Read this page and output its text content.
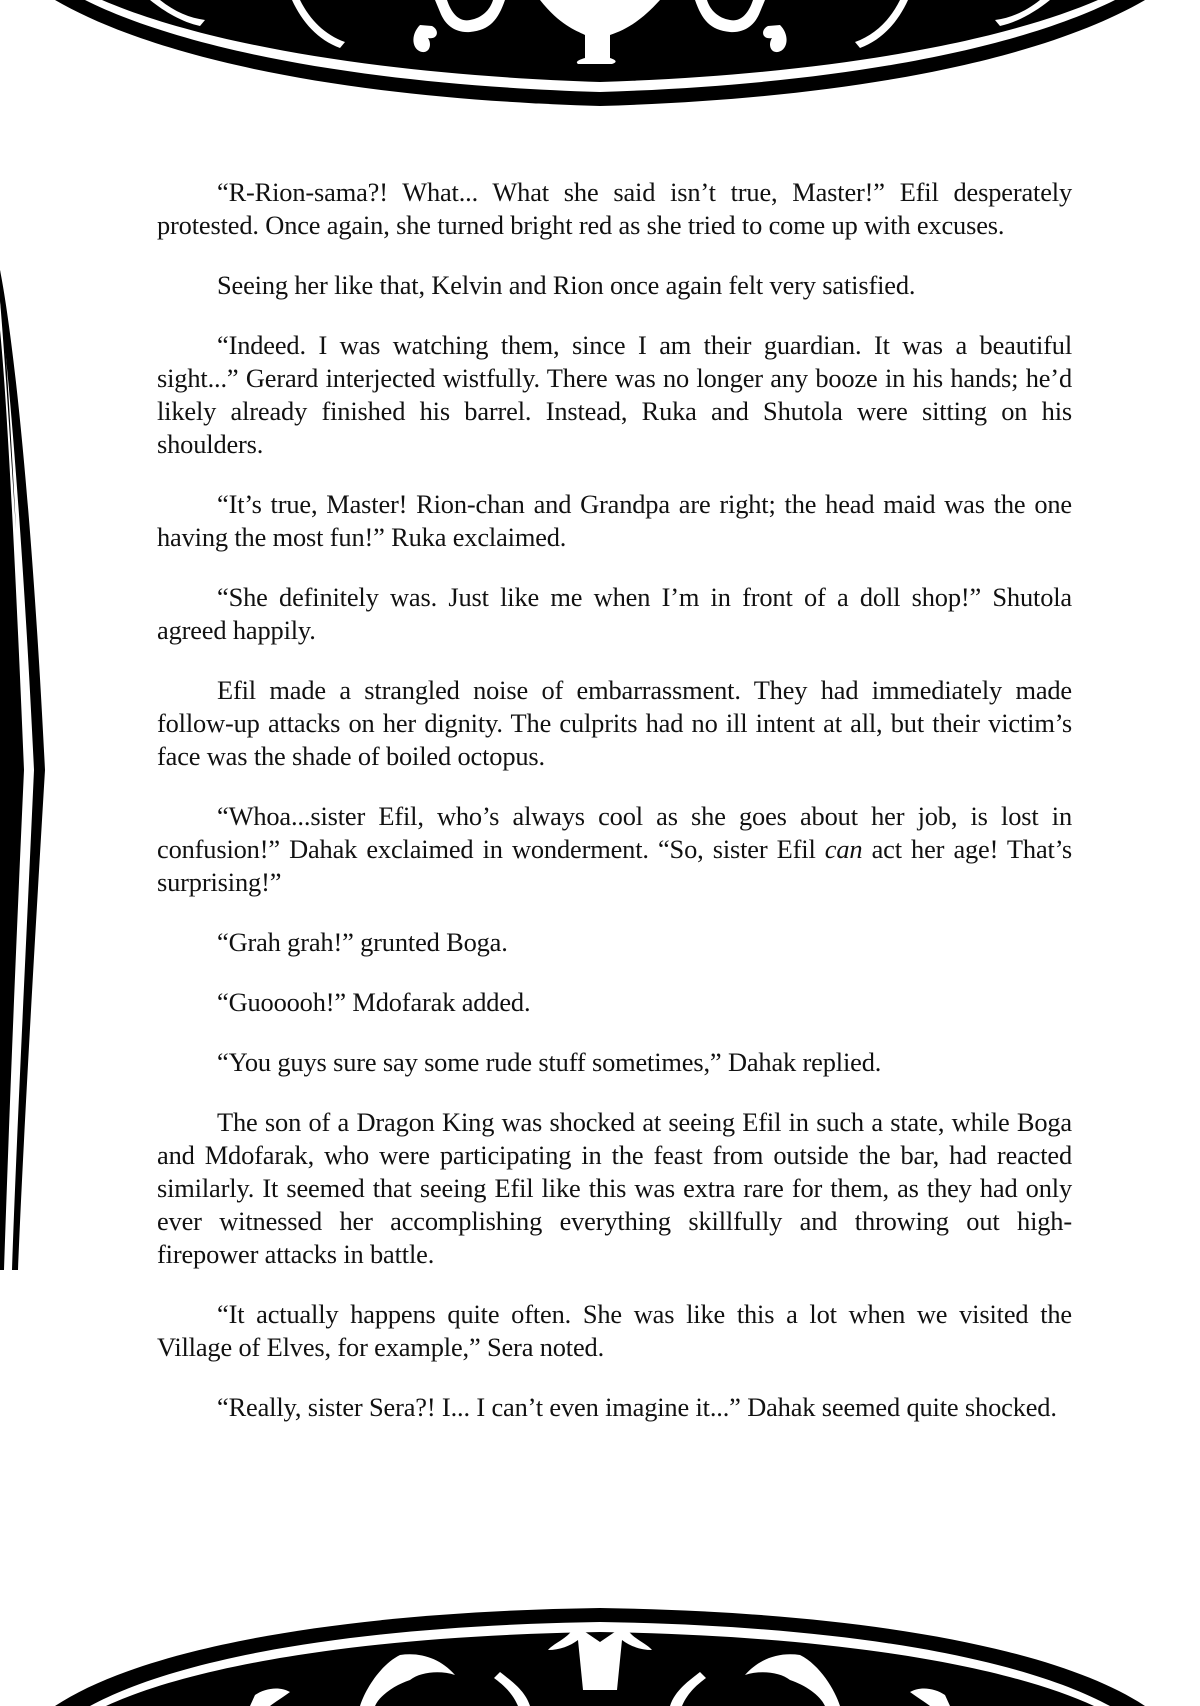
“R-Rion-sama?! What... What she said isn’t true, Master!” Efil desperately protested. Once again, she turned bright red as she tried to come up with excuses.

Seeing her like that, Kelvin and Rion once again felt very satisfied.

“Indeed. I was watching them, since I am their guardian. It was a beautiful sight...” Gerard interjected wistfully. There was no longer any booze in his hands; he’d likely already finished his barrel. Instead, Ruka and Shutola were sitting on his shoulders.

“It’s true, Master! Rion-chan and Grandpa are right; the head maid was the one having the most fun!” Ruka exclaimed.

“She definitely was. Just like me when I’m in front of a doll shop!” Shutola agreed happily.

Efil made a strangled noise of embarrassment. They had immediately made follow-up attacks on her dignity. The culprits had no ill intent at all, but their victim’s face was the shade of boiled octopus.

“Whoa...sister Efil, who’s always cool as she goes about her job, is lost in confusion!” Dahak exclaimed in wonderment. “So, sister Efil can act her age! That’s surprising!”

“Grah grah!” grunted Boga.

“Guooooh!” Mdofarak added.

“You guys sure say some rude stuff sometimes,” Dahak replied.

The son of a Dragon King was shocked at seeing Efil in such a state, while Boga and Mdofarak, who were participating in the feast from outside the bar, had reacted similarly. It seemed that seeing Efil like this was extra rare for them, as they had only ever witnessed her accomplishing everything skillfully and throwing out high-firepower attacks in battle.

“It actually happens quite often. She was like this a lot when we visited the Village of Elves, for example,” Sera noted.

“Really, sister Sera?! I... I can’t even imagine it...” Dahak seemed quite shocked.
